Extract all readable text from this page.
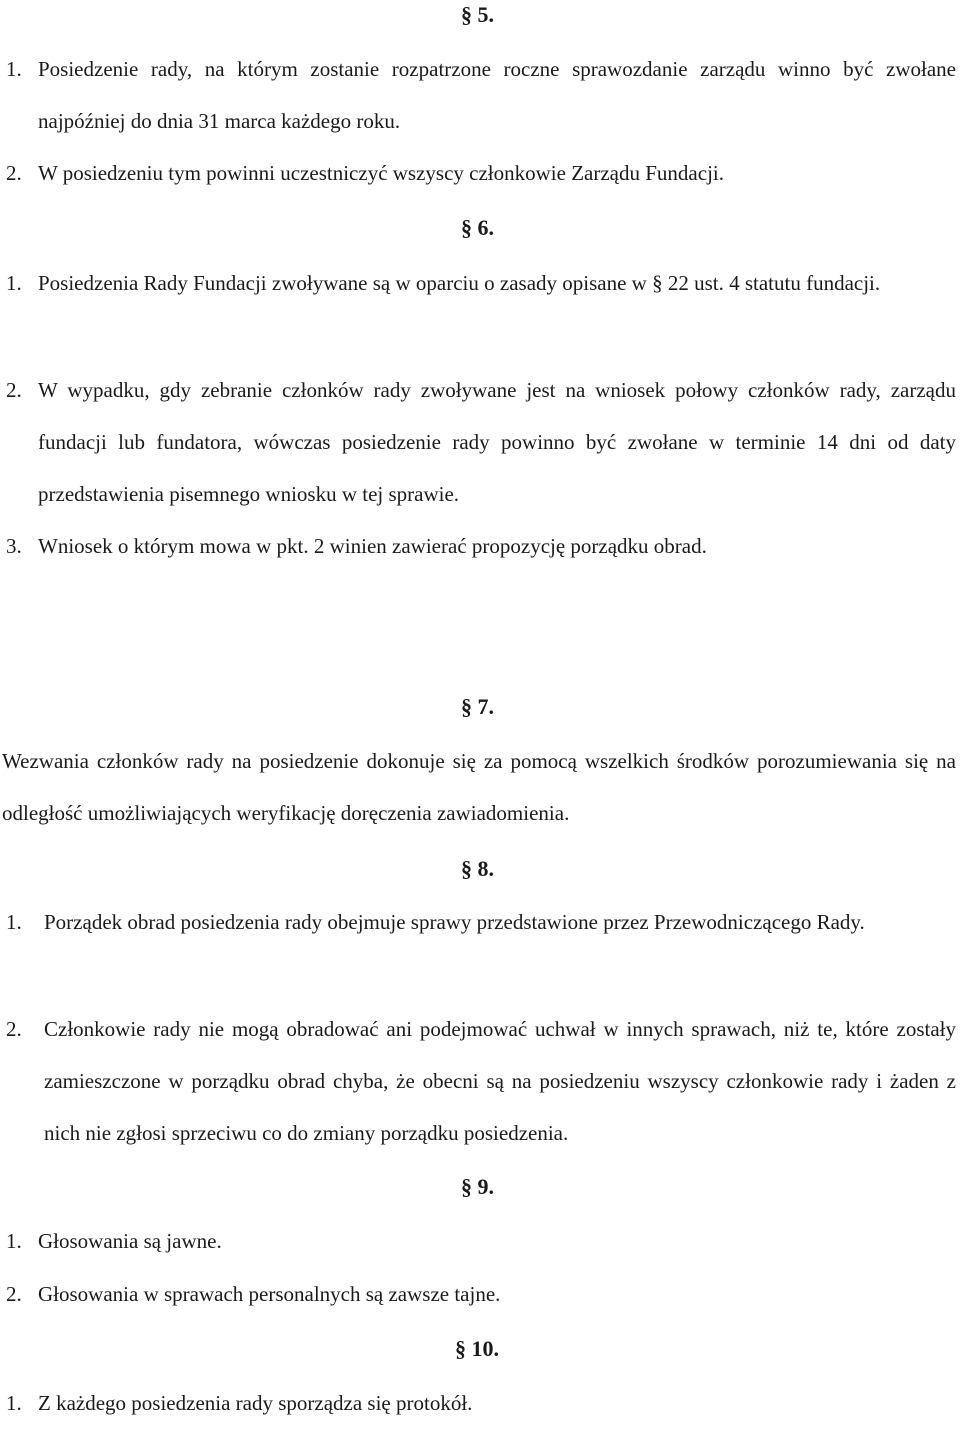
§ 5.
1. Posiedzenie rady, na którym zostanie rozpatrzone roczne sprawozdanie zarządu winno być zwołane najpóźniej do dnia 31 marca każdego roku.
2. W posiedzeniu tym powinni uczestniczyć wszyscy członkowie Zarządu Fundacji.
§ 6.
1. Posiedzenia Rady Fundacji zwoływane są w oparciu o zasady opisane w § 22 ust. 4 statutu fundacji.
2. W wypadku, gdy zebranie członków rady zwoływane jest na wniosek połowy członków rady, zarządu fundacji lub fundatora, wówczas posiedzenie rady powinno być zwołane w terminie 14 dni od daty przedstawienia pisemnego wniosku w tej sprawie.
3. Wniosek o którym mowa w pkt. 2 winien zawierać propozycję porządku obrad.
§ 7.
Wezwania członków rady na posiedzenie dokonuje się za pomocą wszelkich środków porozumiewania się na odległość umożliwiających weryfikację doręczenia zawiadomienia.
§ 8.
1. Porządek obrad posiedzenia rady obejmuje sprawy przedstawione przez Przewodniczącego Rady.
2. Członkowie rady nie mogą obradować ani podejmować uchwał w innych sprawach, niż te, które zostały zamieszczone w porządku obrad chyba, że obecni są na posiedzeniu wszyscy członkowie rady i żaden z nich nie zgłosi sprzeciwu co do zmiany porządku posiedzenia.
§ 9.
1. Głosowania są jawne.
2. Głosowania w sprawach personalnych są zawsze tajne.
§ 10.
1. Z każdego posiedzenia rady sporządza się protokół.
